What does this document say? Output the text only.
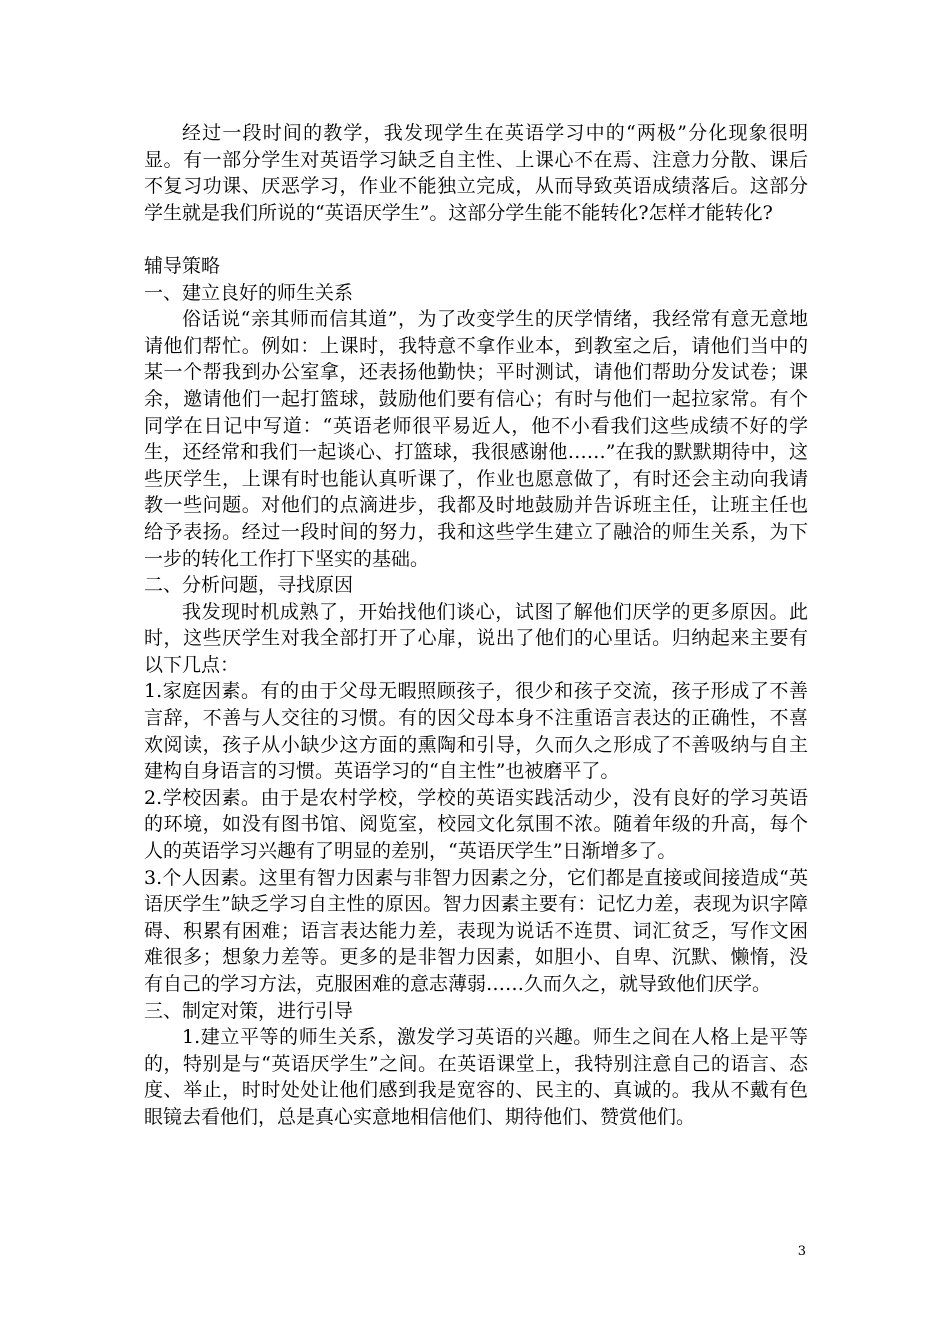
经过一段时间的教学，我发现学生在英语学习中的“两极”分化现象很明显。有一部分学生对英语学习缺乏自主性、上课心不在焉、注意力分散、课后不复习功课、厌恶学习，作业不能独立完成，从而导致英语成绩落后。这部分学生就是我们所说的“英语厌学生”。这部分学生能不能转化?怎样才能转化?

辅导策略

一、建立良好的师生关系

俗话说“亲其师而信其道”，为了改变学生的厌学情绪，我经常有意无意地请他们帮忙。例如：上课时，我特意不拿作业本，到教室之后，请他们当中的某一个帮我到办公室拿，还表扬他勤快；平时测试，请他们帮助分发试卷；课余，邀请他们一起打篮球，鼓励他们要有信心；有时与他们一起拉家常。有个同学在日记中写道：“英语老师很平易近人，他不小看我们这些成绩不好的学生，还经常和我们一起谈心、打篮球，我很感谢他……”在我的默默期待中，这些厌学生，上课有时也能认真听课了，作业也愿意做了，有时还会主动向我请教一些问题。对他们的点滴进步，我都及时地鼓励并告诉班主任，让班主任也给予表扬。经过一段时间的努力，我和这些学生建立了融洽的师生关系，为下一步的转化工作打下坚实的基础。

二、分析问题，寻找原因

我发现时机成熟了，开始找他们谈心，试图了解他们厌学的更多原因。此时，这些厌学生对我全部打开了心扉，说出了他们的心里话。归纳起来主要有以下几点：

1.家庭因素。有的由于父母无暇照顾孩子，很少和孩子交流，孩子形成了不善言辞，不善与人交往的习惯。有的因父母本身不注重语言表达的正确性，不喜欢阅读，孩子从小缺少这方面的熏陶和引导，久而久之形成了不善吸纳与自主建构自身语言的习惯。英语学习的“自主性”也被磨平了。

2.学校因素。由于是农村学校，学校的英语实践活动少，没有良好的学习英语的环境，如没有图书馆、阅览室，校园文化氛围不浓。随着年级的升高，每个人的英语学习兴趣有了明显的差别，“英语厌学生”日渐增多了。

3.个人因素。这里有智力因素与非智力因素之分，它们都是直接或间接造成“英语厌学生”缺乏学习自主性的原因。智力因素主要有：记忆力差，表现为识字障碍、积累有困难；语言表达能力差，表现为说话不连贯、词汇贫乏，写作文困难很多；想象力差等。更多的是非智力因素，如胆小、自卑、沉默、懒惰，没有自己的学习方法，克服困难的意志薄弱……久而久之，就导致他们厌学。

三、制定对策，进行引导

1.建立平等的师生关系，激发学习英语的兴趣。师生之间在人格上是平等的，特别是与“英语厌学生”之间。在英语课堂上，我特别注意自己的语言、态度、举止，时时处处让他们感到我是宽容的、民主的、真诚的。我从不戴有色眼镜去看他们，总是真心实意地相信他们、期待他们、赞赏他们。

3
